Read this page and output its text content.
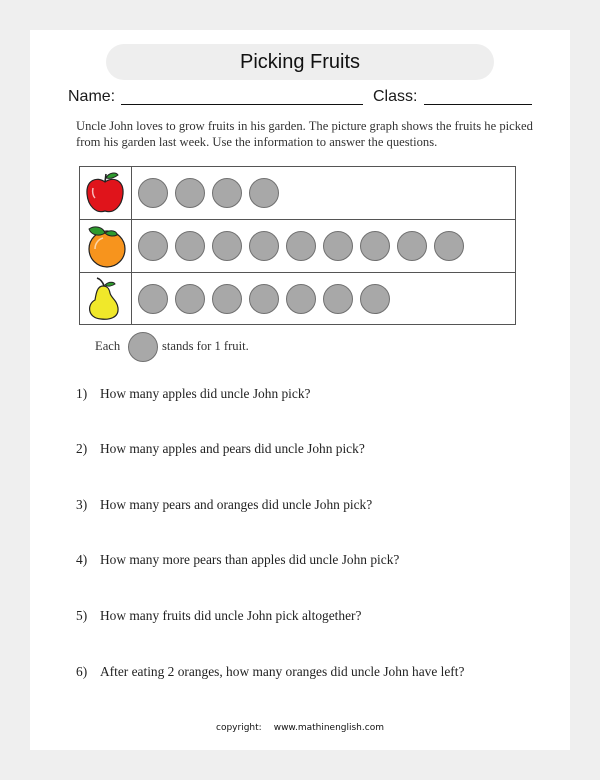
Picking Fruits
Name:	Class:
Uncle John loves to grow fruits in his garden. The picture graph shows the fruits he picked from his garden last week. Use the information to answer the questions.
Each	stands for 1 fruit.
1) How many apples did uncle John pick?
2) How many apples and pears did uncle John pick?
3) How many pears and oranges did uncle John pick?
4) How many more pears than apples did uncle John pick?
5) How many fruits did uncle John pick altogether?
6) After eating 2 oranges, how many oranges did uncle John have left?
copyright: www.mathinenglish.com
